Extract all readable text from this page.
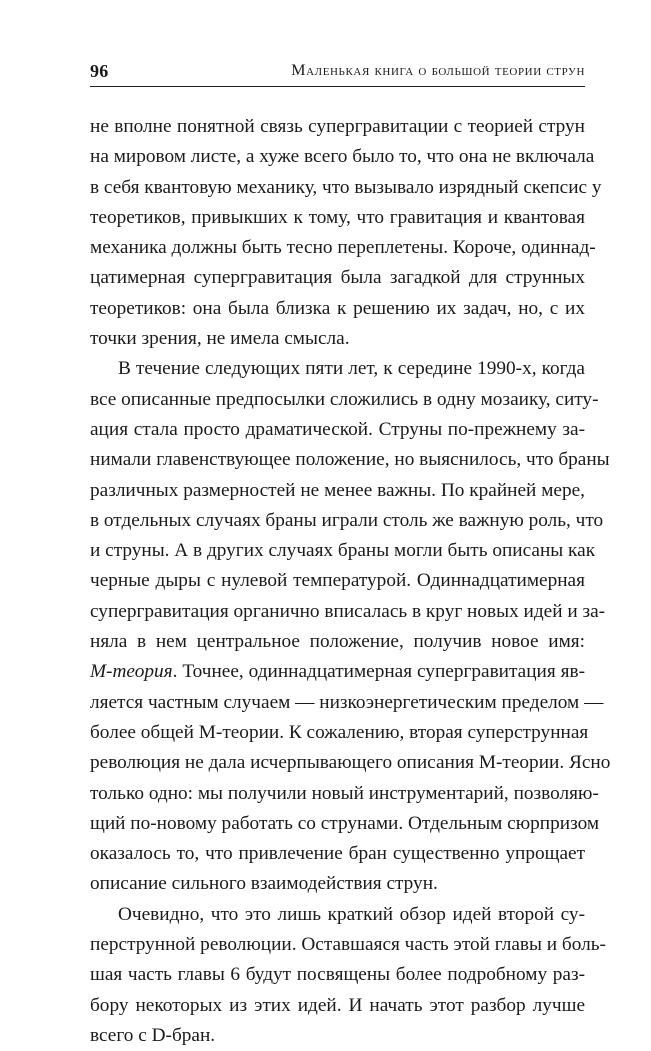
96	Маленькая книга о большой теории струн
не вполне понятной связь супергравитации с теорией струн
на мировом листе, а хуже всего было то, что она не включала
в себя квантовую механику, что вызывало изрядный скепсис у
теоретиков, привыкших к тому, что гравитация и квантовая
механика должны быть тесно переплетены. Короче, одиннад-
цатимерная супергравитация была загадкой для струнных
теоретиков: она была близка к решению их задач, но, с их
точки зрения, не имела смысла.
В течение следующих пяти лет, к середине 1990-х, когда
все описанные предпосылки сложились в одну мозаику, ситу-
ация стала просто драматической. Струны по-прежнему за-
нимали главенствующее положение, но выяснилось, что браны
различных размерностей не менее важны. По крайней мере,
в отдельных случаях браны играли столь же важную роль, что
и струны. А в других случаях браны могли быть описаны как
черные дыры с нулевой температурой. Одиннадцатимерная
супергравитация органично вписалась в круг новых идей и за-
няла в нем центральное положение, получив новое имя:
М-теория. Точнее, одиннадцатимерная супергравитация яв-
ляется частным случаем — низкоэнергетическим пределом —
более общей М-теории. К сожалению, вторая суперструнная
революция не дала исчерпывающего описания М-теории. Ясно
только одно: мы получили новый инструментарий, позволяю-
щий по-новому работать со струнами. Отдельным сюрпризом
оказалось то, что привлечение бран существенно упрощает
описание сильного взаимодействия струн.
Очевидно, что это лишь краткий обзор идей второй су-
перструнной революции. Оставшаяся часть этой главы и боль-
шая часть главы 6 будут посвящены более подробному раз-
бору некоторых из этих идей. И начать этот разбор лучше
всего с D-бран.
